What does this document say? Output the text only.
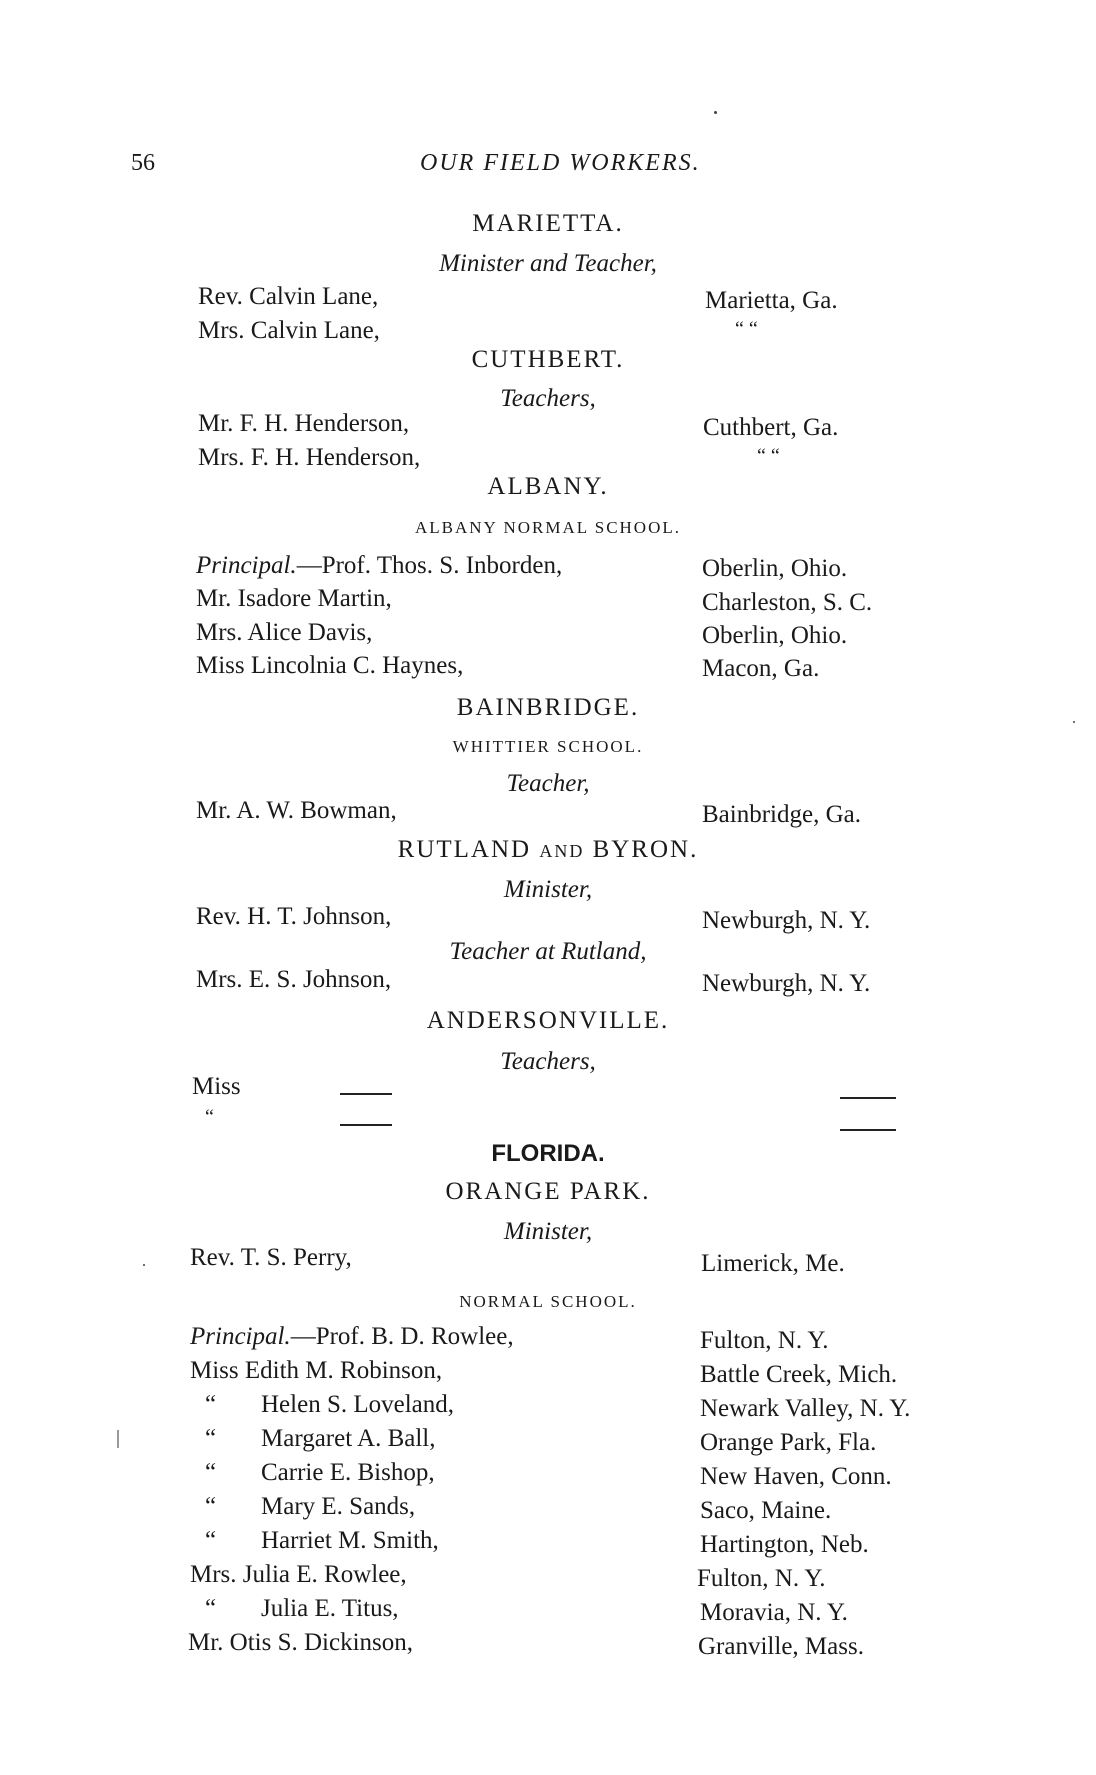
56	OUR FIELD WORKERS.
MARIETTA.
Minister and Teacher,
Rev. Calvin Lane,	Marietta, Ga.
Mrs. Calvin Lane,	“ “
CUTHBERT.
Teachers,
Mr. F. H. Henderson,	Cuthbert, Ga.
Mrs. F. H. Henderson,	“ “
ALBANY.
ALBANY NORMAL SCHOOL.
Principal.—Prof. Thos. S. Inborden,	Oberlin, Ohio.
Mr. Isadore Martin,	Charleston, S. C.
Mrs. Alice Davis,	Oberlin, Ohio.
Miss Lincolnia C. Haynes,	Macon, Ga.
BAINBRIDGE.
WHITTIER SCHOOL.
Teacher,
Mr. A. W. Bowman,	Bainbridge, Ga.
RUTLAND AND BYRON.
Minister,
Rev. H. T. Johnson,	Newburgh, N. Y.
Teacher at Rutland,
Mrs. E. S. Johnson,	Newburgh, N. Y.
ANDERSONVILLE.
Teachers,
Miss
“
FLORIDA.
ORANGE PARK.
Minister,
Rev. T. S. Perry,	Limerick, Me.
NORMAL SCHOOL.
Principal.—Prof. B. D. Rowlee,	Fulton, N. Y.
Miss Edith M. Robinson,	Battle Creek, Mich.
“ Helen S. Loveland,	Newark Valley, N. Y.
“ Margaret A. Ball,	Orange Park, Fla.
“ Carrie E. Bishop,	New Haven, Conn.
“ Mary E. Sands,	Saco, Maine.
“ Harriet M. Smith,	Hartington, Neb.
Mrs. Julia E. Rowlee,	Fulton, N. Y.
“ Julia E. Titus,	Moravia, N. Y.
Mr. Otis S. Dickinson,	Granville, Mass.
